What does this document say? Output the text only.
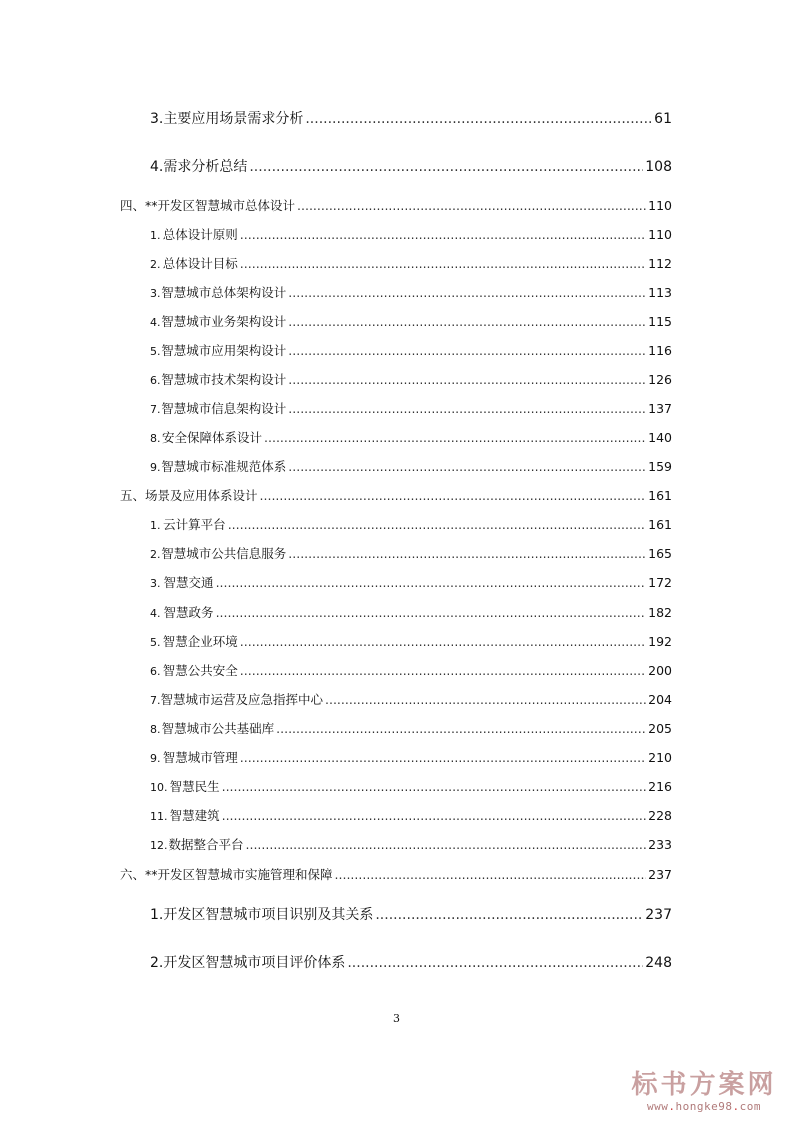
3. 主要应用场景需求分析 .....	61
4. 需求分析总结 .....	108
四、 **开发区智慧城市总体设计 .....	110
1. 总体设计原则 .....	110
2. 总体设计目标 .....	112
3. 智慧城市总体架构设计 .....	113
4. 智慧城市业务架构设计 .....	115
5. 智慧城市应用架构设计 .....	116
6. 智慧城市技术架构设计 .....	126
7. 智慧城市信息架构设计 .....	137
8. 安全保障体系设计 .....	140
9. 智慧城市标准规范体系 .....	159
五、 场景及应用体系设计 .....	161
1. 云计算平台 .....	161
2. 智慧城市公共信息服务 .....	165
3. 智慧交通 .....	172
4. 智慧政务 .....	182
5. 智慧企业环境 .....	192
6. 智慧公共安全 .....	200
7. 智慧城市运营及应急指挥中心 .....	204
8. 智慧城市公共基础库 .....	205
9. 智慧城市管理 .....	210
10. 智慧民生 .....	216
11. 智慧建筑 .....	228
12. 数据整合平台 .....	233
六、 **开发区智慧城市实施管理和保障 .....	237
1. 开发区智慧城市项目识别及其关系 .....	237
2. 开发区智慧城市项目评价体系 .....	248
3
标书方案网
www.hongke98.com
